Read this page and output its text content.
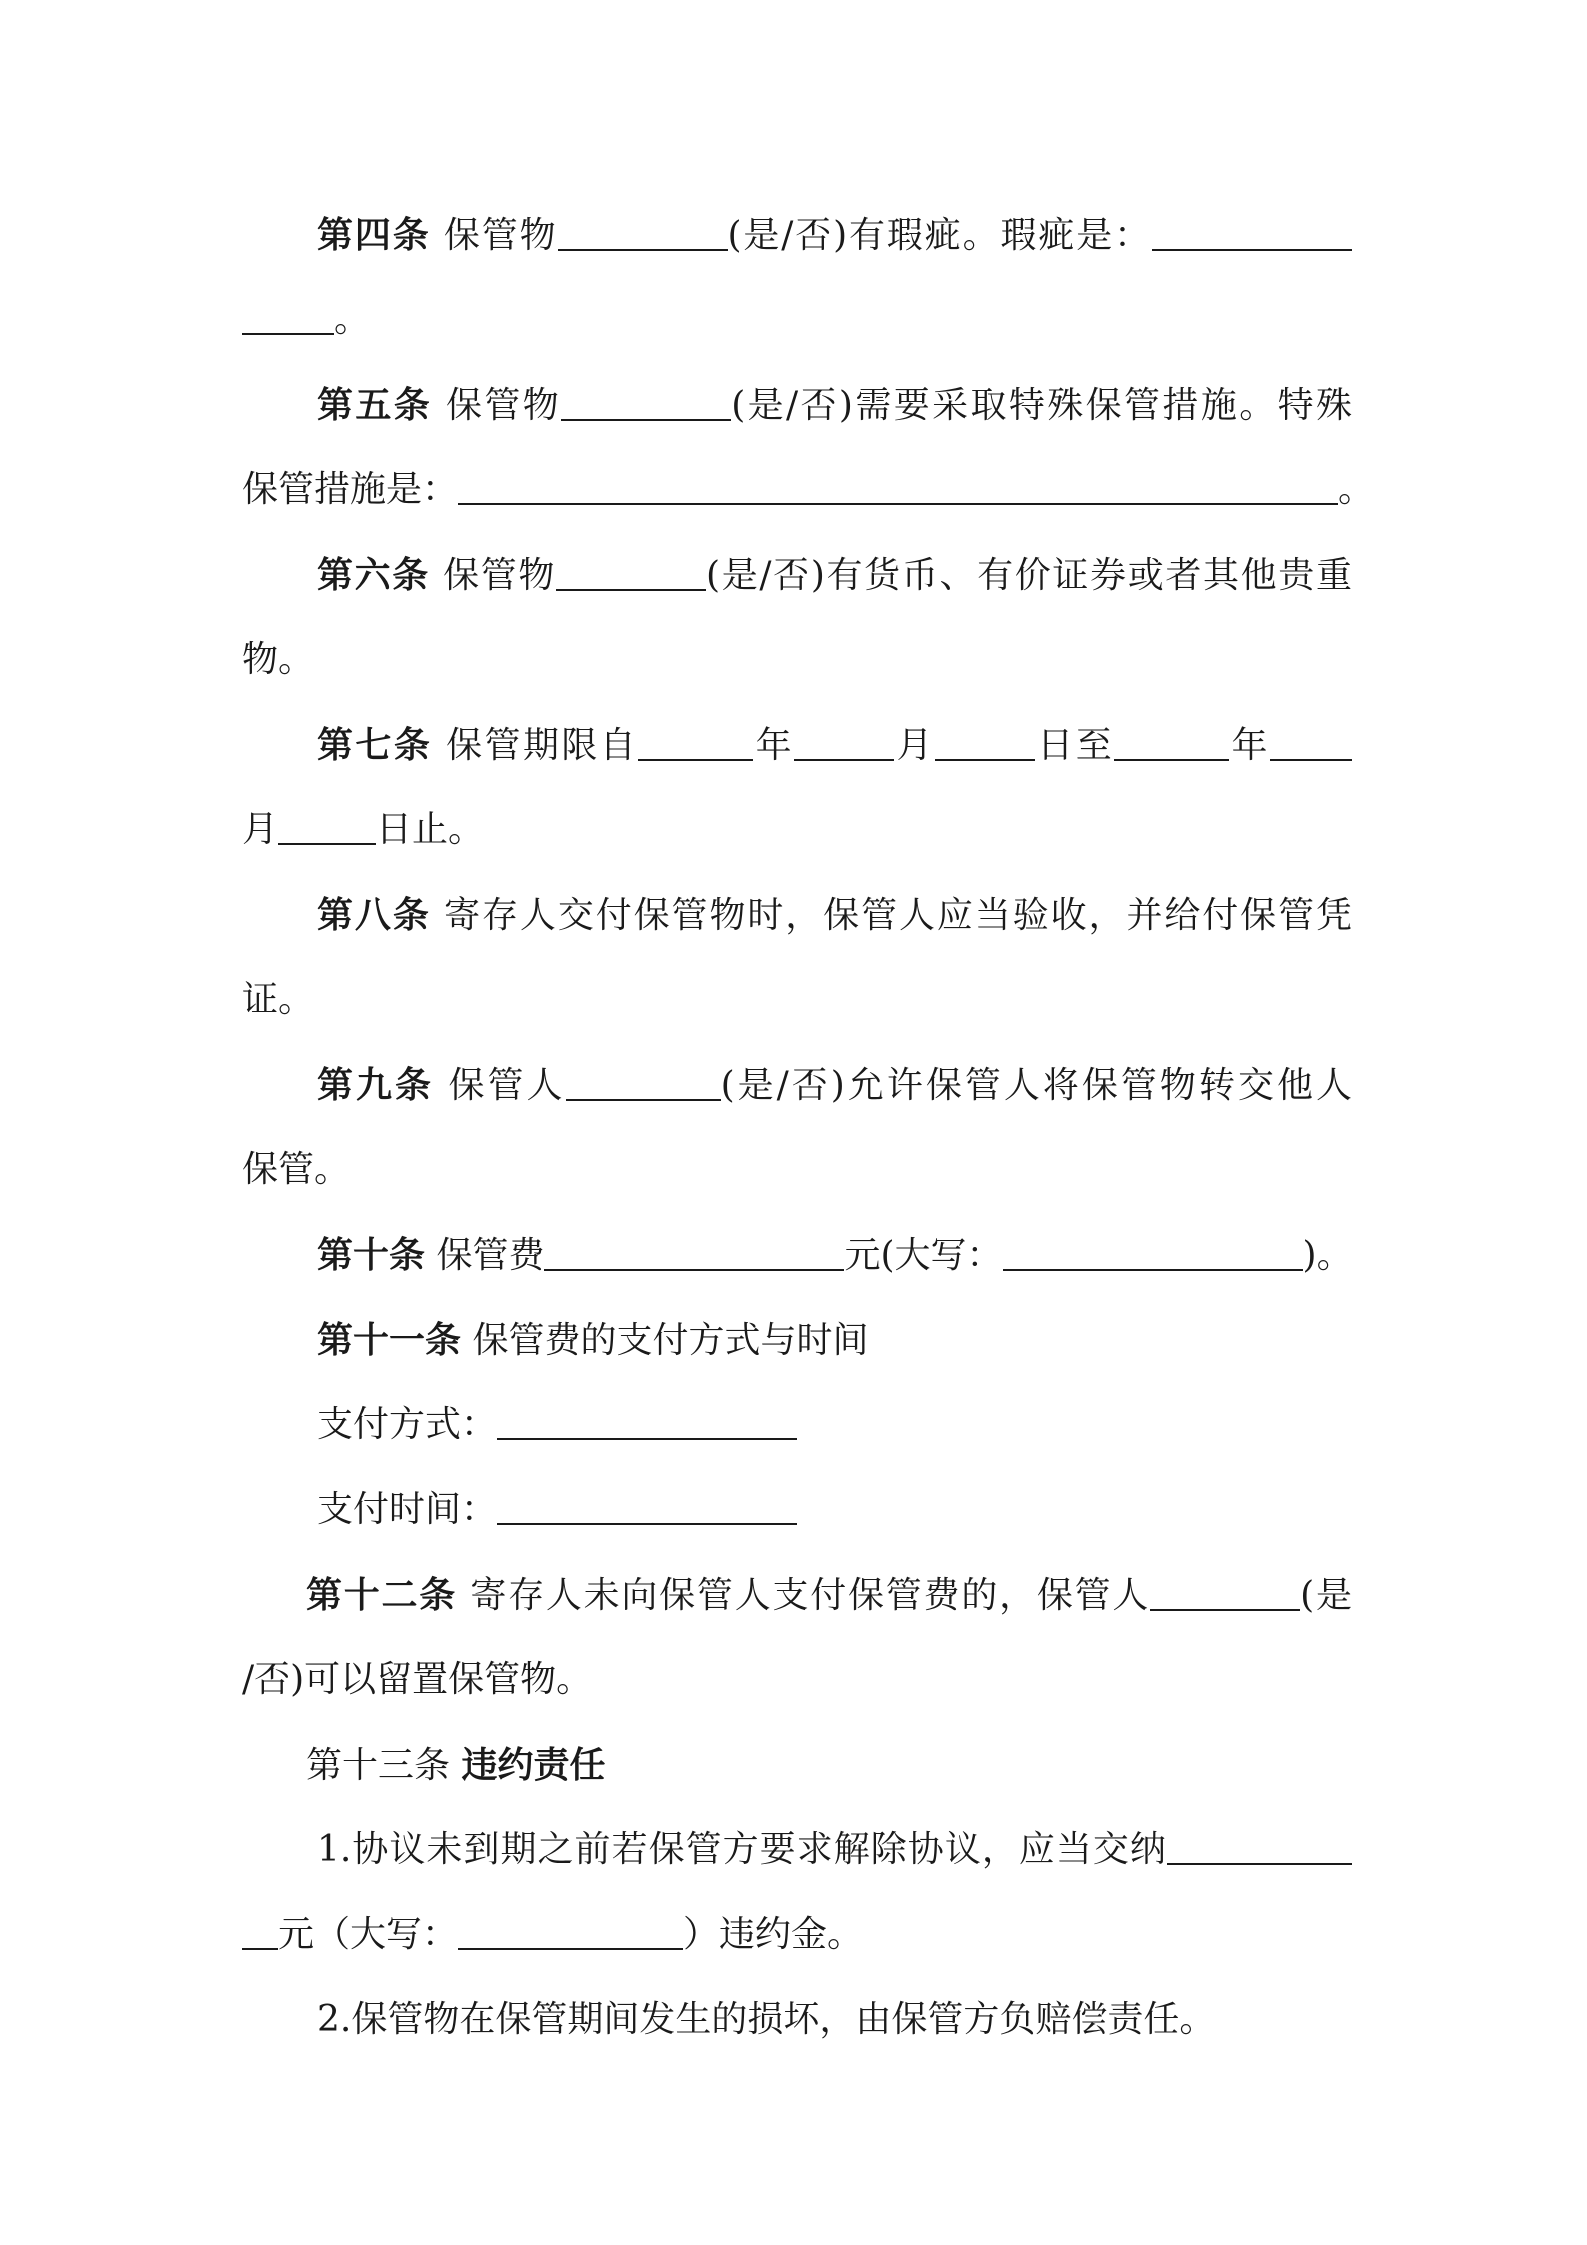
第四条 保管物	(是/否)有瑕疵。瑕疵是：
。
第五条 保管物	(是/否)需要采取特殊保管措施。特殊
保管措施是：	。
第六条 保管物	(是/否)有货币、有价证券或者其他贵重
物。
第七条 保管期限自	年	月	日至	年
月	日止。
第八条 寄存人交付保管物时，保管人应当验收，并给付保管凭
证。
第九条 保管人	(是/否)允许保管人将保管物转交他人
保管。
第十条 保管费	元(大写：	)。
第十一条 保管费的支付方式与时间
支付方式：
支付时间：
第十二条 寄存人未向保管人支付保管费的，保管人	(是
/否)可以留置保管物。
第十三条 违约责任
1.协议未到期之前若保管方要求解除协议，应当交纳
元（大写：	）违约金。
2.保管物在保管期间发生的损坏，由保管方负赔偿责任。
